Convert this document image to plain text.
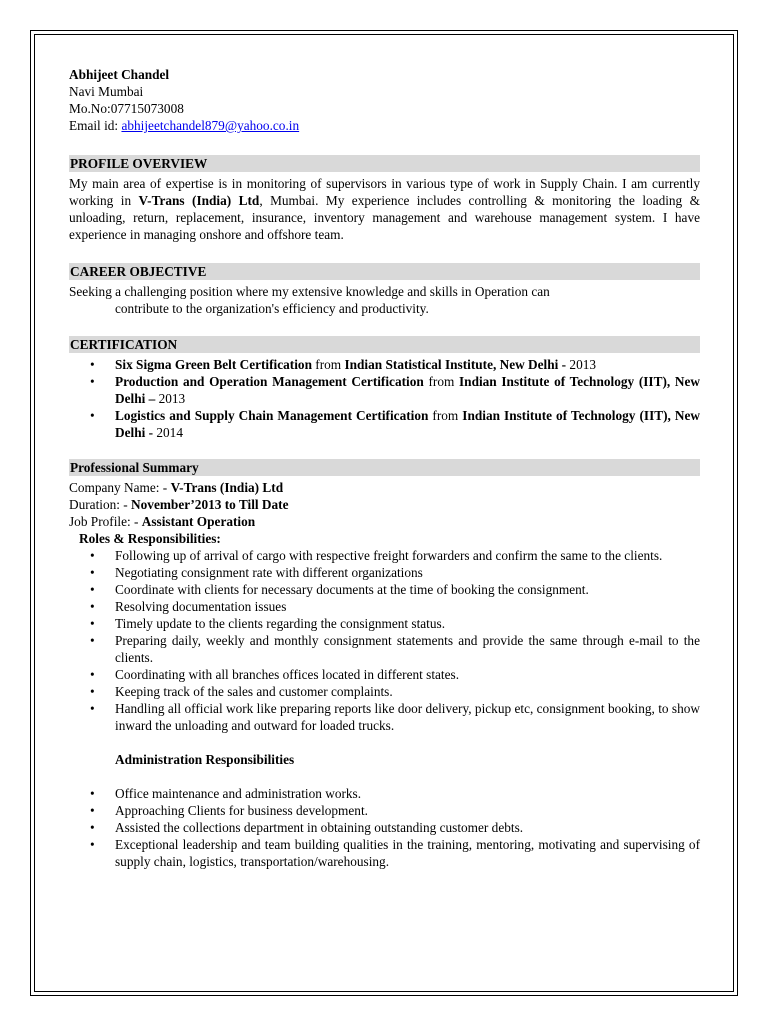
Abhijeet Chandel
Navi Mumbai
Mo.No:07715073008
Email id: abhijeetchandel879@yahoo.co.in
PROFILE OVERVIEW

My main area of expertise is in monitoring of supervisors in various type of work in Supply Chain. I am currently working in V-Trans (India) Ltd, Mumbai. My experience includes controlling & monitoring the loading & unloading, return, replacement, insurance, inventory management and warehouse management system. I have experience in managing onshore and offshore team.

CAREER OBJECTIVE

Seeking a challenging position where my extensive knowledge and skills in Operation can
contribute to the organization's efficiency and productivity.

CERTIFICATION
• Six Sigma Green Belt Certification from Indian Statistical Institute, New Delhi - 2013
• Production and Operation Management Certification from Indian Institute of Technology (IIT), New Delhi – 2013
• Logistics and Supply Chain Management Certification from Indian Institute of Technology (IIT), New Delhi - 2014
Professional Summary
Company Name: - V-Trans (India) Ltd
Duration: - November’2013 to Till Date
Job Profile: - Assistant Operation
Roles & Responsibilities:
• Following up of arrival of cargo with respective freight forwarders and confirm the same to the clients.
• Negotiating consignment rate with different organizations
• Coordinate with clients for necessary documents at the time of booking the consignment.
• Resolving documentation issues
• Timely update to the clients regarding the consignment status.
• Preparing daily, weekly and monthly consignment statements and provide the same through e-mail to the clients.
• Coordinating with all branches offices located in different states.
• Keeping track of the sales and customer complaints.
• Handling all official work like preparing reports like door delivery, pickup etc, consignment booking, to show inward the unloading and outward for loaded trucks.
Administration Responsibilities
• Office maintenance and administration works.
• Approaching Clients for business development.
• Assisted the collections department in obtaining outstanding customer debts.
• Exceptional leadership and team building qualities in the training, mentoring, motivating and supervising of supply chain, logistics, transportation/warehousing.
